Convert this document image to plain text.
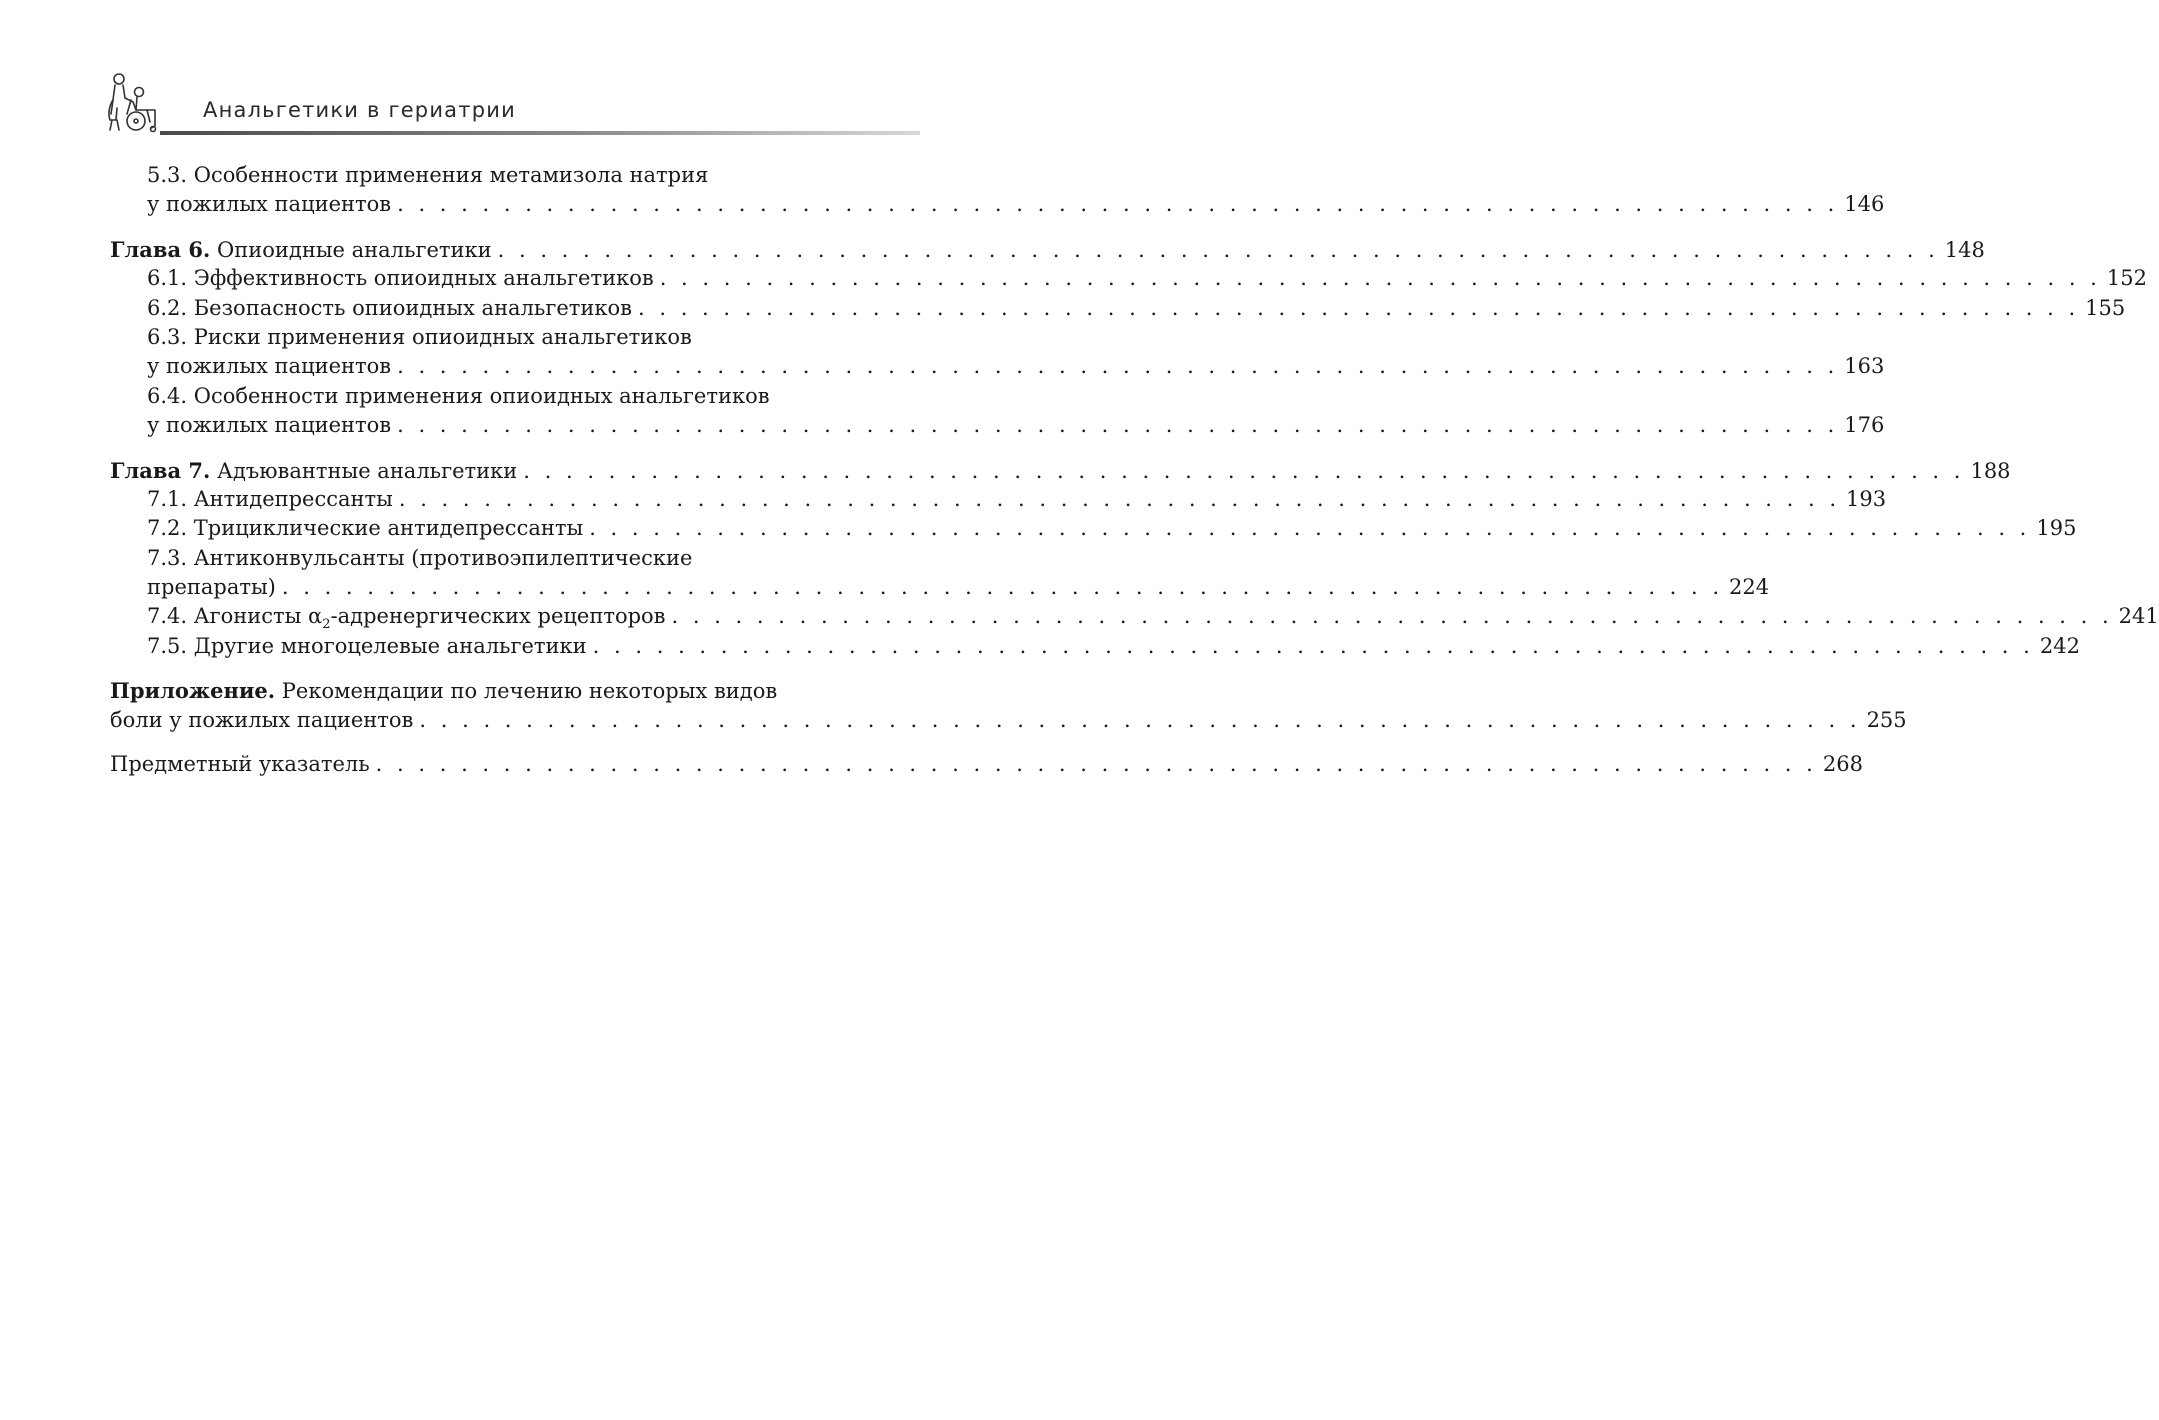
Анальгетики в гериатрии
5.3. Особенности применения метамизола натрия
у пожилых пациентов . . . . . . . . . . . . . . . . . . . . . . . . . . . . . . . . . . . . . . . . . . . . . . . . . . . . . . . . . . . . . . . . . . . . 146
Глава 6.
Опиоидные анальгетики . . . . . . . . . . . . . . . . . . . . . . . . . . . . . . . . . . . . . . . . . . . . . . . . . . . . . . . . . . . . . . . . . . . . 148
6.1. Эффективность опиоидных анальгетиков . . . . . . . . . . . . . . . . . . . . . . . . . . . . . . . . . . . . . . . . . . . . . . . . . . . . . . . . . . . . . . . . . . . . 152
6.2. Безопасность опиоидных анальгетиков . . . . . . . . . . . . . . . . . . . . . . . . . . . . . . . . . . . . . . . . . . . . . . . . . . . . . . . . . . . . . . . . . . . . 155
6.3. Риски применения опиоидных анальгетиков
у пожилых пациентов . . . . . . . . . . . . . . . . . . . . . . . . . . . . . . . . . . . . . . . . . . . . . . . . . . . . . . . . . . . . . . . . . . . . 163
6.4. Особенности применения опиоидных анальгетиков
у пожилых пациентов . . . . . . . . . . . . . . . . . . . . . . . . . . . . . . . . . . . . . . . . . . . . . . . . . . . . . . . . . . . . . . . . . . . . 176
Глава 7.
Адъювантные анальгетики . . . . . . . . . . . . . . . . . . . . . . . . . . . . . . . . . . . . . . . . . . . . . . . . . . . . . . . . . . . . . . . . . . . . 188
7.1. Антидепрессанты . . . . . . . . . . . . . . . . . . . . . . . . . . . . . . . . . . . . . . . . . . . . . . . . . . . . . . . . . . . . . . . . . . . . 193
7.2. Трициклические антидепрессанты . . . . . . . . . . . . . . . . . . . . . . . . . . . . . . . . . . . . . . . . . . . . . . . . . . . . . . . . . . . . . . . . . . . . 195
7.3. Антиконвульсанты (противоэпилептические
препараты) . . . . . . . . . . . . . . . . . . . . . . . . . . . . . . . . . . . . . . . . . . . . . . . . . . . . . . . . . . . . . . . . . . . . 224
7.4. Агонисты $\alpha_2$-адренергических рецепторов . . . . . . . . . . . . . . . . . . . . . . . . . . . . . . . . . . . . . . . . . . . . . . . . . . . . . . . . . . . . . . . . . . . . 241
7.5. Другие многоцелевые анальгетики . . . . . . . . . . . . . . . . . . . . . . . . . . . . . . . . . . . . . . . . . . . . . . . . . . . . . . . . . . . . . . . . . . . . 242
Приложение.
Рекомендации по лечению некоторых видов
боли у пожилых пациентов . . . . . . . . . . . . . . . . . . . . . . . . . . . . . . . . . . . . . . . . . . . . . . . . . . . . . . . . . . . . . . . . . . . . 255
Предметный указатель . . . . . . . . . . . . . . . . . . . . . . . . . . . . . . . . . . . . . . . . . . . . . . . . . . . . . . . . . . . . . . . . . . . . 268
